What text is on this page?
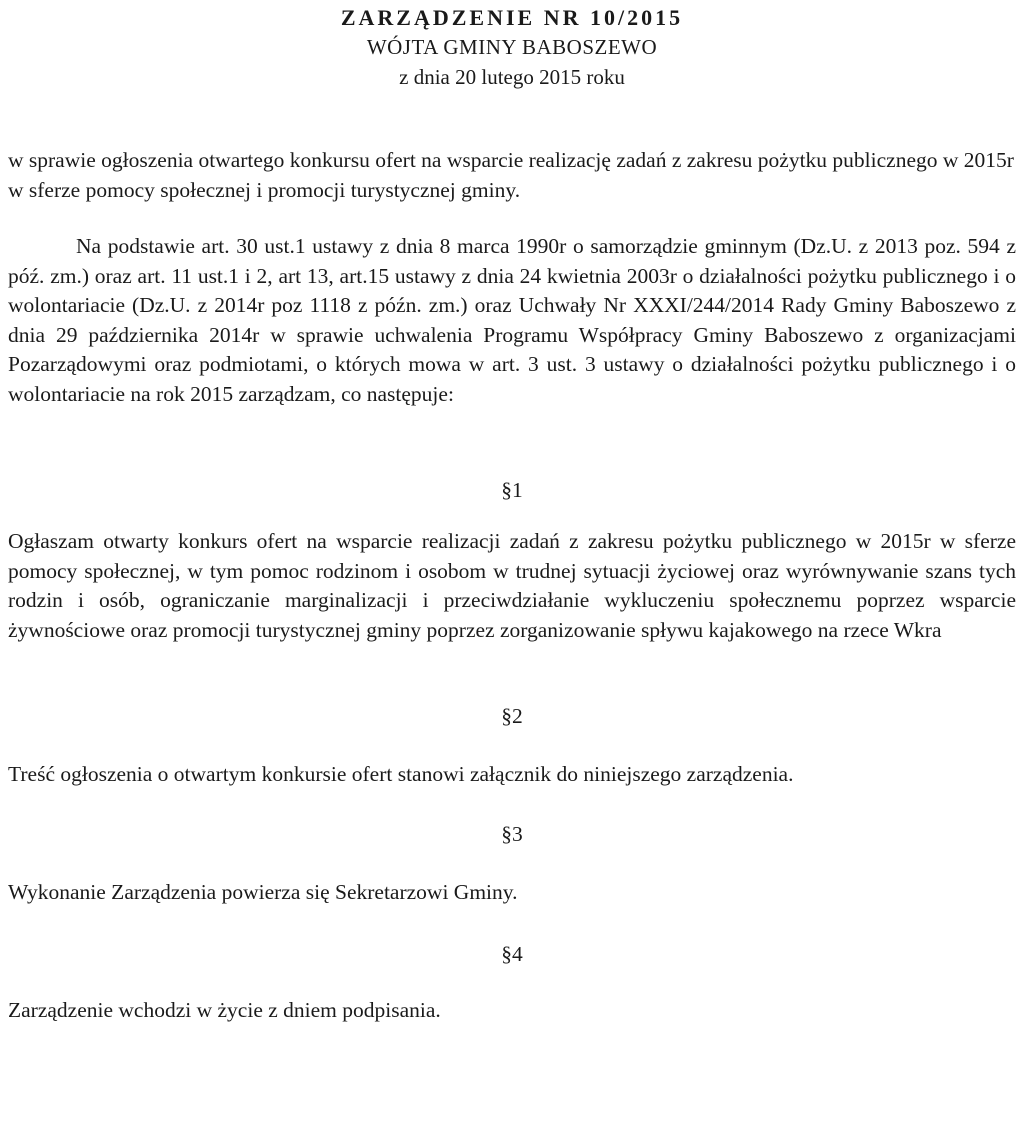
ZARZĄDZENIE NR 10/2015
WÓJTA GMINY BABOSZEWO
z dnia 20 lutego 2015 roku
w sprawie ogłoszenia otwartego konkursu ofert na wsparcie realizację zadań z zakresu pożytku publicznego w 2015r w sferze pomocy społecznej i promocji turystycznej gminy.
Na podstawie art. 30 ust.1 ustawy z dnia 8 marca 1990r o samorządzie gminnym (Dz.U. z 2013 poz. 594 z póź. zm.) oraz art. 11 ust.1 i 2, art 13, art.15 ustawy z dnia 24 kwietnia 2003r o działalności pożytku publicznego i o wolontariacie (Dz.U. z 2014r poz 1118 z późn. zm.) oraz Uchwały Nr XXXI/244/2014 Rady Gminy Baboszewo z dnia 29 października 2014r w sprawie uchwalenia Programu Współpracy Gminy Baboszewo z organizacjami Pozarządowymi oraz podmiotami, o których mowa w art. 3 ust. 3 ustawy o działalności pożytku publicznego i o wolontariacie na rok 2015 zarządzam, co następuje:
§1
Ogłaszam otwarty konkurs ofert na wsparcie realizacji zadań z zakresu pożytku publicznego w 2015r w sferze pomocy społecznej, w tym pomoc rodzinom i osobom w trudnej sytuacji życiowej oraz wyrównywanie szans tych rodzin i osób, ograniczanie marginalizacji i przeciwdziałanie wykluczeniu społecznemu poprzez wsparcie żywnościowe oraz promocji turystycznej gminy poprzez zorganizowanie spływu kajakowego na rzece Wkra
§2
Treść ogłoszenia o otwartym konkursie ofert stanowi załącznik do niniejszego zarządzenia.
§3
Wykonanie Zarządzenia powierza się Sekretarzowi Gminy.
§4
Zarządzenie wchodzi w życie z dniem podpisania.
